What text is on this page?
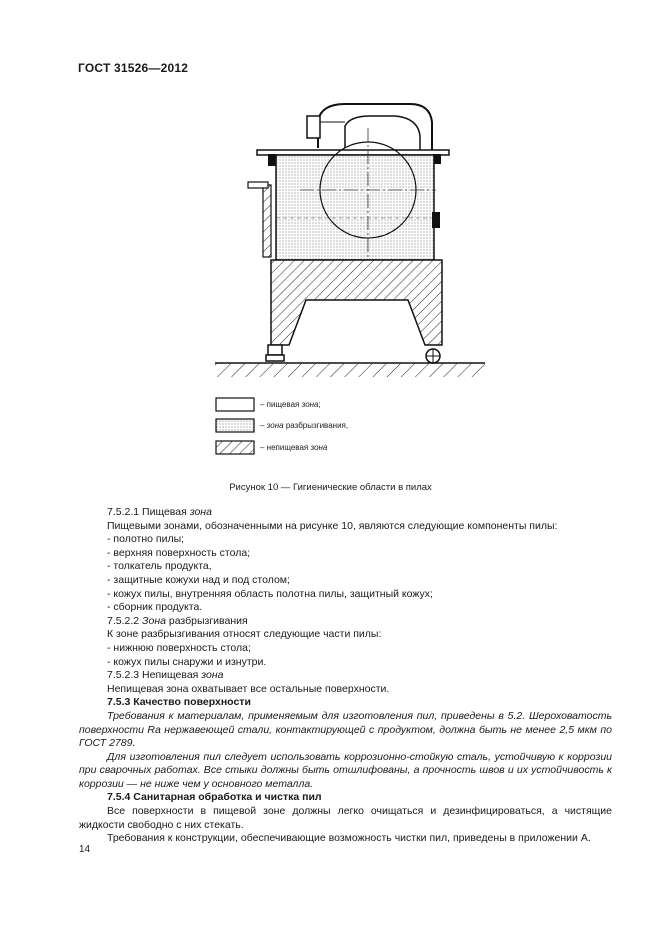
ГОСТ 31526—2012
– пищевая зона;
– зона разбрызгивания,
– непищевая зона
Рисунок 10 — Гигиенические области в пилах

7.5.2.1 Пищевая зона

Пищевыми зонами, обозначенными на рисунке 10, являются следующие компоненты пилы:

- полотно пилы;

- верхняя поверхность стола;

- толкатель продукта,

- защитные кожухи над и под столом;

- кожух пилы, внутренняя область полотна пилы, защитный кожух;

- сборник продукта.

7.5.2.2 Зона разбрызгивания

К зоне разбрызгивания относят следующие части пилы:

- нижнюю поверхность стола;

- кожух пилы снаружи и изнутри.

7.5.2.3 Непищевая зона

Непищевая зона охватывает все остальные поверхности.

7.5.3 Качество поверхности

Требования к материалам, применяемым для изготовления пил, приведены в 5.2. Шероховатость поверхности Ra нержавеющей стали, контактирующей с продуктом, должна быть не менее 2,5 мкм по ГОСТ 2789.

Для изготовления пил следует использовать коррозионно-стойкую сталь, устойчивую к коррозии при сварочных работах. Все стыки должны быть отшлифованы, а прочность швов и их устойчивость к коррозии — не ниже чем у основного металла.

7.5.4 Санитарная обработка и чистка пил

Все поверхности в пищевой зоне должны легко очищаться и дезинфицироваться, а чистящие жидкости свободно с них стекать.

Требования к конструкции, обеспечивающие возможность чистки пил, приведены в приложении А.

14
